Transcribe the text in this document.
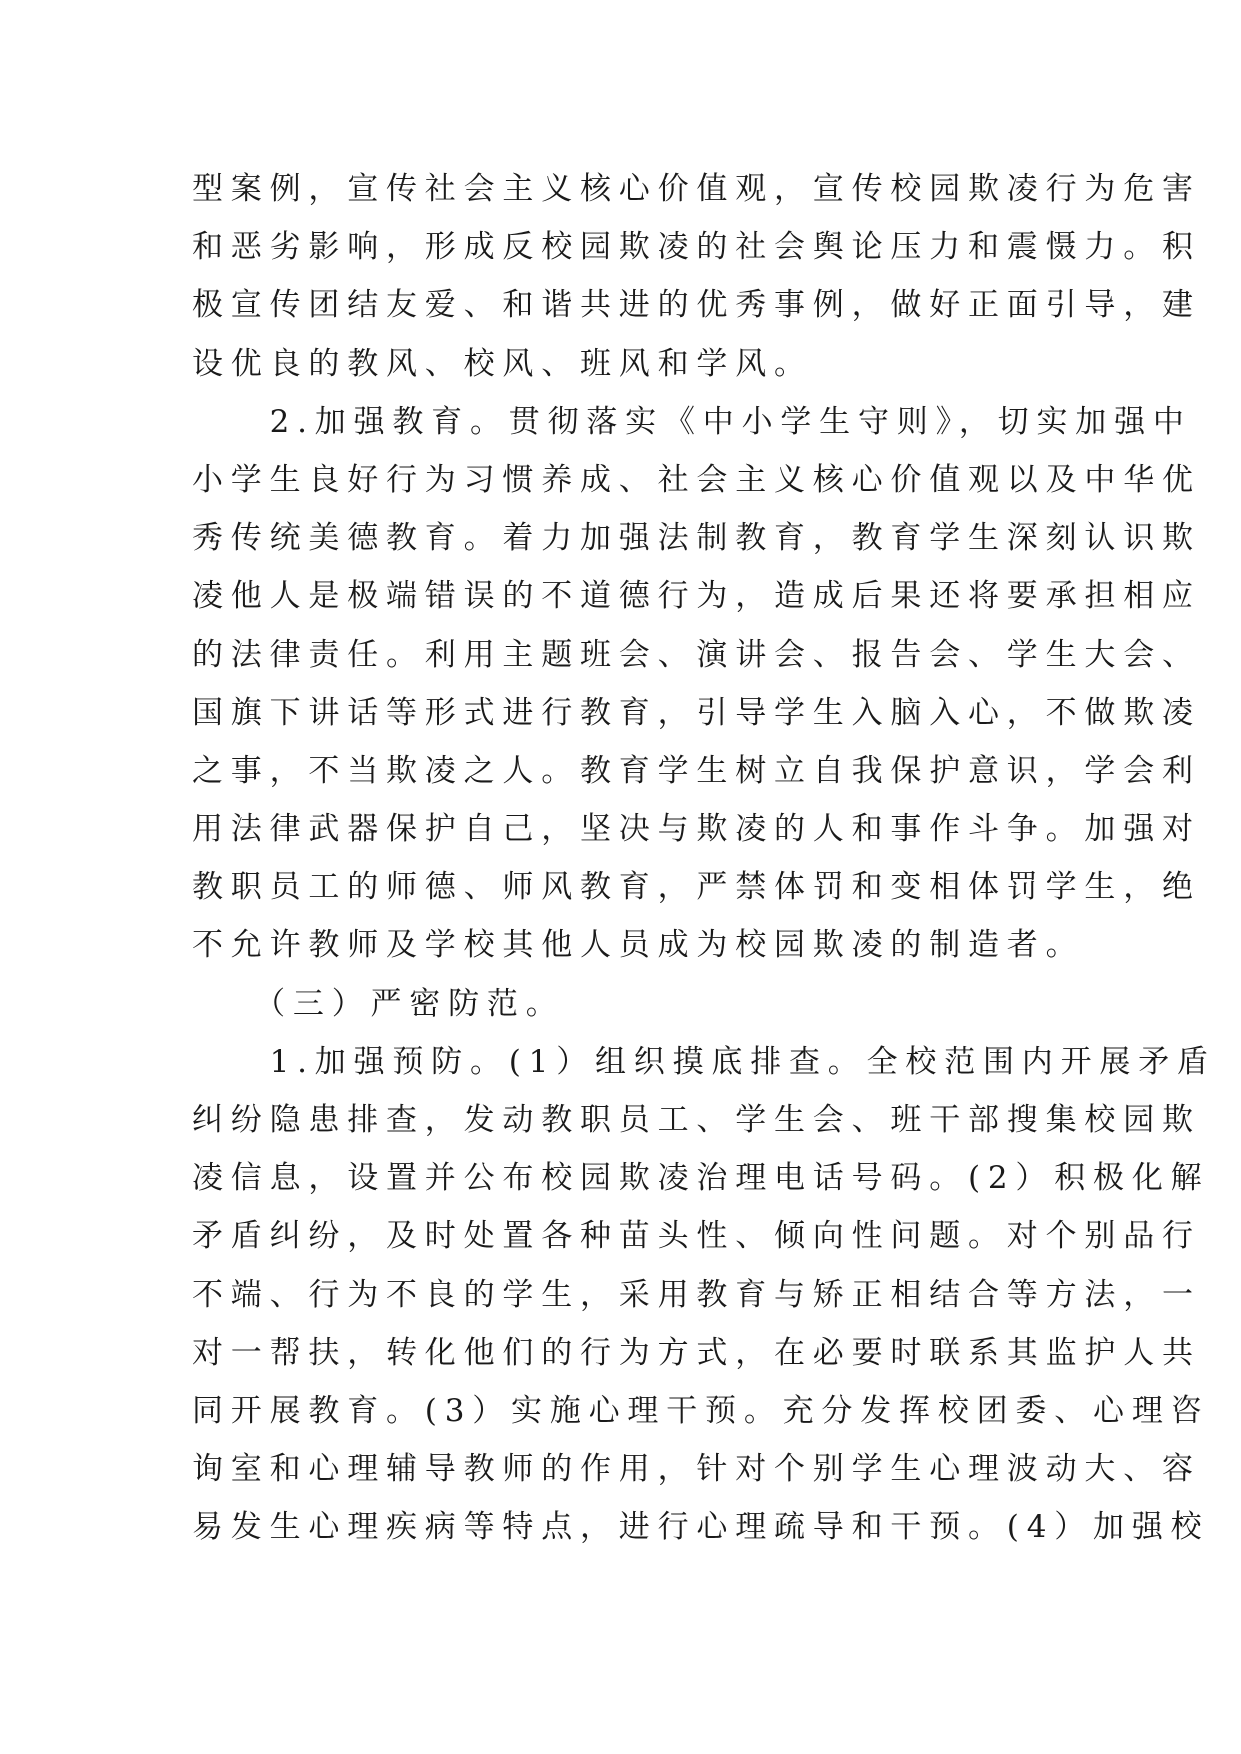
型案例，宣传社会主义核心价值观，宣传校园欺凌行为危害
和恶劣影响，形成反校园欺凌的社会舆论压力和震慑力。积
极宣传团结友爱、和谐共进的优秀事例，做好正面引导，建
设优良的教风、校风、班风和学风。
　　2.加强教育。贯彻落实《中小学生守则》，切实加强中
小学生良好行为习惯养成、社会主义核心价值观以及中华优
秀传统美德教育。着力加强法制教育，教育学生深刻认识欺
凌他人是极端错误的不道德行为，造成后果还将要承担相应
的法律责任。利用主题班会、演讲会、报告会、学生大会、
国旗下讲话等形式进行教育，引导学生入脑入心，不做欺凌
之事，不当欺凌之人。教育学生树立自我保护意识，学会利
用法律武器保护自己，坚决与欺凌的人和事作斗争。加强对
教职员工的师德、师风教育，严禁体罚和变相体罚学生，绝
不允许教师及学校其他人员成为校园欺凌的制造者。
　　（三）严密防范。
　　1.加强预防。(1）组织摸底排查。全校范围内开展矛盾
纠纷隐患排查，发动教职员工、学生会、班干部搜集校园欺
凌信息，设置并公布校园欺凌治理电话号码。(2）积极化解
矛盾纠纷，及时处置各种苗头性、倾向性问题。对个别品行
不端、行为不良的学生，采用教育与矫正相结合等方法，一
对一帮扶，转化他们的行为方式，在必要时联系其监护人共
同开展教育。(3）实施心理干预。充分发挥校团委、心理咨
询室和心理辅导教师的作用，针对个别学生心理波动大、容
易发生心理疾病等特点，进行心理疏导和干预。(4）加强校
